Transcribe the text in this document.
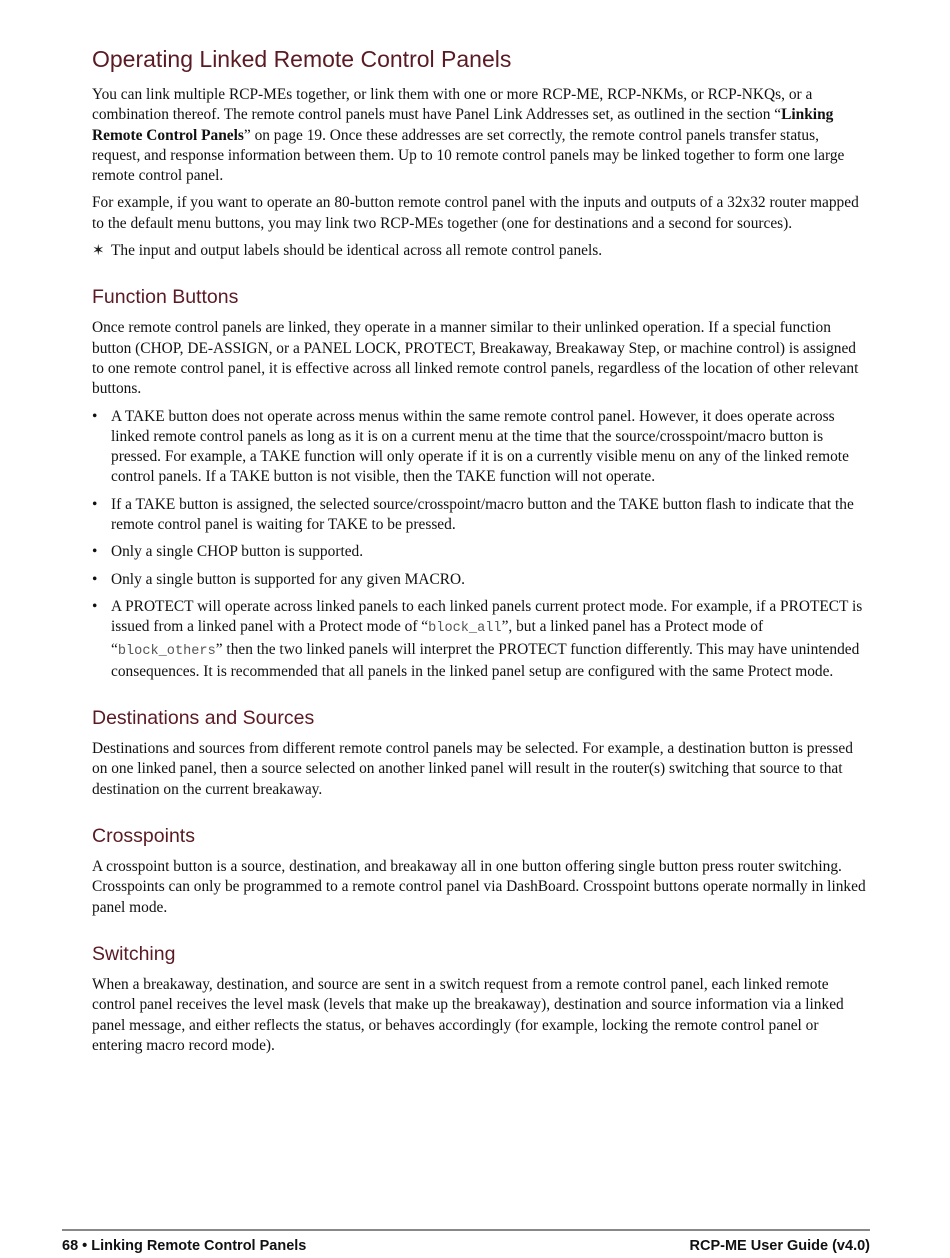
Operating Linked Remote Control Panels

You can link multiple RCP-MEs together, or link them with one or more RCP-ME, RCP-NKMs, or RCP-NKQs, or a combination thereof. The remote control panels must have Panel Link Addresses set, as outlined in the section “Linking Remote Control Panels” on page 19. Once these addresses are set correctly, the remote control panels transfer status, request, and response information between them. Up to 10 remote control panels may be linked together to form one large remote control panel.

For example, if you want to operate an 80-button remote control panel with the inputs and outputs of a 32x32 router mapped to the default menu buttons, you may link two RCP-MEs together (one for destinations and a second for sources).

✶ The input and output labels should be identical across all remote control panels.

Function Buttons

Once remote control panels are linked, they operate in a manner similar to their unlinked operation. If a special function button (CHOP, DE-ASSIGN, or a PANEL LOCK, PROTECT, Breakaway, Breakaway Step, or machine control) is assigned to one remote control panel, it is effective across all linked remote control panels, regardless of the location of other relevant buttons.

• A TAKE button does not operate across menus within the same remote control panel. However, it does operate across linked remote control panels as long as it is on a current menu at the time that the source/crosspoint/macro button is pressed. For example, a TAKE function will only operate if it is on a currently visible menu on any of the linked remote control panels. If a TAKE button is not visible, then the TAKE function will not operate.

• If a TAKE button is assigned, the selected source/crosspoint/macro button and the TAKE button flash to indicate that the remote control panel is waiting for TAKE to be pressed.

• Only a single CHOP button is supported.

• Only a single button is supported for any given MACRO.

• A PROTECT will operate across linked panels to each linked panels current protect mode. For example, if a PROTECT is issued from a linked panel with a Protect mode of “block_all”, but a linked panel has a Protect mode of “block_others” then the two linked panels will interpret the PROTECT function differently. This may have unintended consequences. It is recommended that all panels in the linked panel setup are configured with the same Protect mode.

Destinations and Sources

Destinations and sources from different remote control panels may be selected. For example, a destination button is pressed on one linked panel, then a source selected on another linked panel will result in the router(s) switching that source to that destination on the current breakaway.

Crosspoints

A crosspoint button is a source, destination, and breakaway all in one button offering single button press router switching. Crosspoints can only be programmed to a remote control panel via DashBoard. Crosspoint buttons operate normally in linked panel mode.

Switching

When a breakaway, destination, and source are sent in a switch request from a remote control panel, each linked remote control panel receives the level mask (levels that make up the breakaway), destination and source information via a linked panel message, and either reflects the status, or behaves accordingly (for example, locking the remote control panel or entering macro record mode).

68 • Linking Remote Control Panels	RCP-ME User Guide (v4.0)
